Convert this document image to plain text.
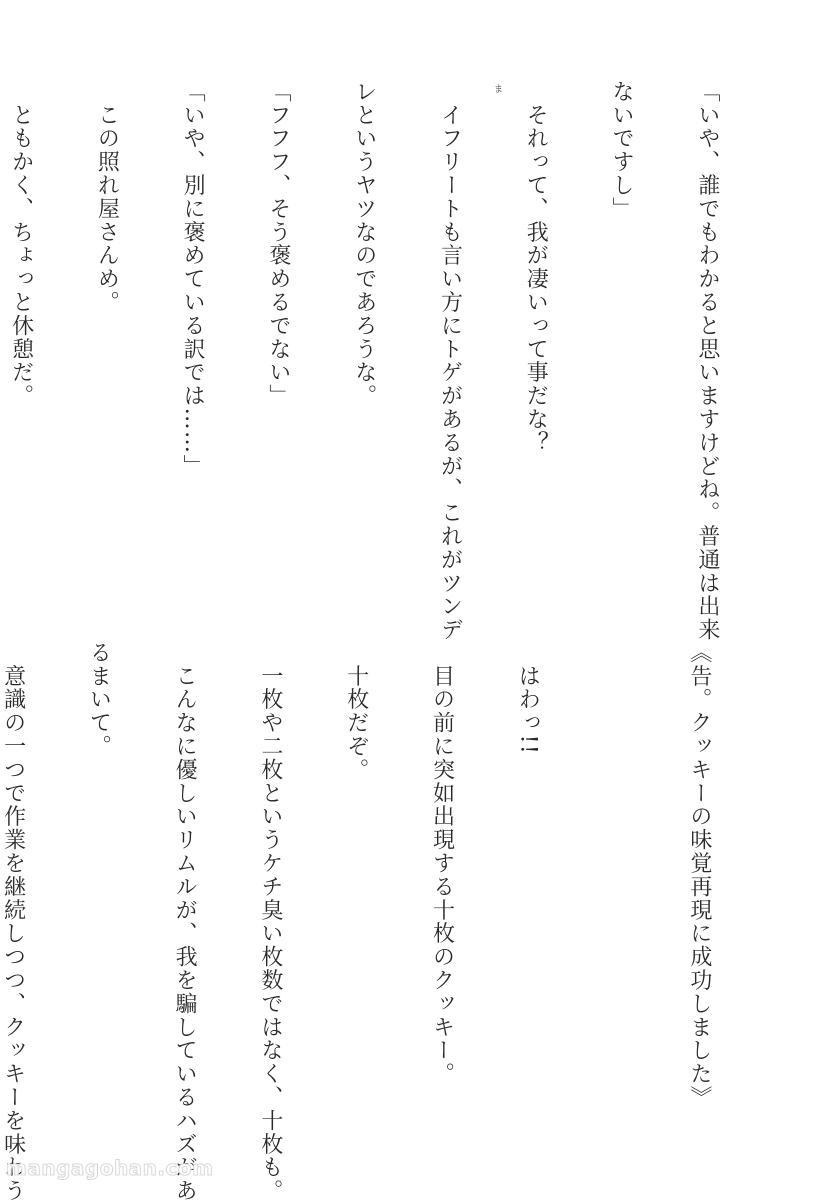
「いや、誰でもわかると思いますけどね。普通は出来

ないですし」

　それって、我が凄いって事だな？

　イフリートも言い方にトゲがあるが、これがツンデ

レというヤツなのであろうな。

「フフフ、そう褒めるでない」

「いや、別に褒めている訳では……」

　この照れ屋さんめ。

　ともかく、ちょっと休憩だ。

	ま

《告。クッキーの味覚再現に成功しました》

　はわっ!!

　目の前に突如出現する十枚のクッキー。

　十枚だぞ。

　一枚や二枚というケチ臭い枚数ではなく、十枚も。

　こんなに優しいリムルが、我を騙しているハズがあ

るまいて。

　意識の一つで作業を継続しつつ、クッキーを味わう

mangagohan.com
